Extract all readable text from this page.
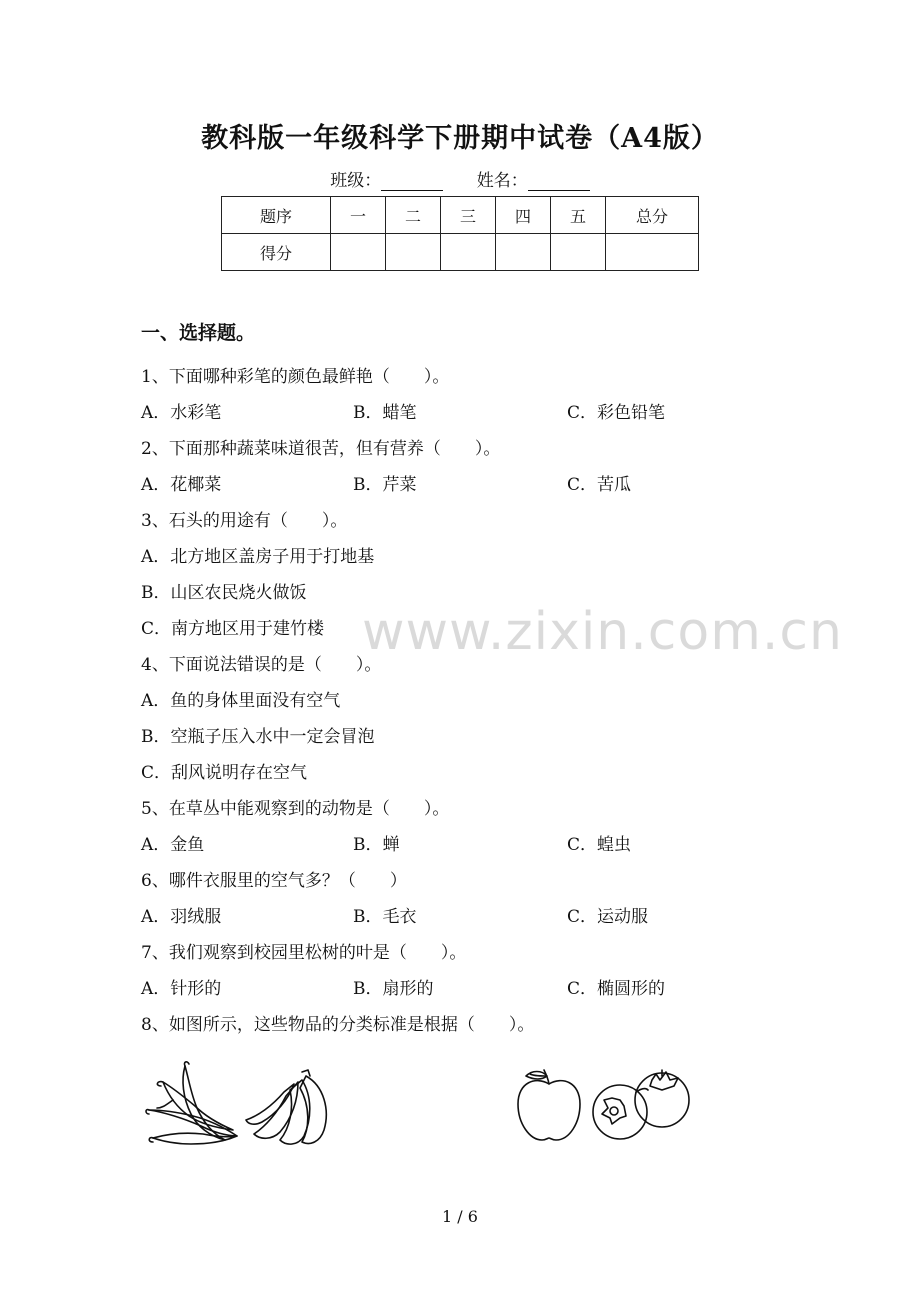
教科版一年级科学下册期中试卷（A4版）
班级：	姓名：
题序	一	二	三	四	五	总分
得分						
一、选择题。
1、下面哪种彩笔的颜色最鲜艳（　　）。
A．水彩笔	B．蜡笔	C．彩色铅笔
2、下面那种蔬菜味道很苦，但有营养（　　）。
A．花椰菜	B．芹菜	C．苦瓜
3、石头的用途有（　　）。
A．北方地区盖房子用于打地基
B．山区农民烧火做饭
C．南方地区用于建竹楼
4、下面说法错误的是（　　）。
A．鱼的身体里面没有空气
B．空瓶子压入水中一定会冒泡
C．刮风说明存在空气
5、在草丛中能观察到的动物是（　　）。
A．金鱼	B．蝉	C．蝗虫
6、哪件衣服里的空气多？（　　）
A．羽绒服	B．毛衣	C．运动服
7、我们观察到校园里松树的叶是（　　）。
A．针形的	B．扇形的	C．椭圆形的
8、如图所示，这些物品的分类标准是根据（　　）。
www.zixin.com.cn
1 / 6
